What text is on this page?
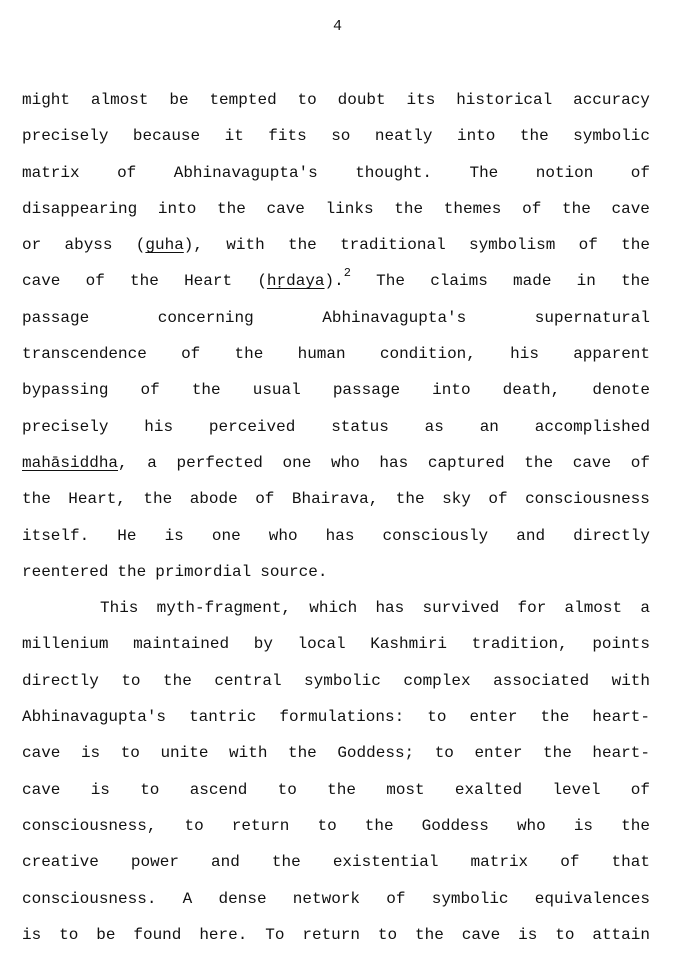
4
might almost be tempted to doubt its historical accuracy
precisely because it fits so neatly into the symbolic
matrix of Abhinavagupta's thought. The notion of
disappearing into the cave links the themes of the cave
or abyss (guha), with the traditional symbolism of the
cave of the Heart (hṛdaya).$^2$ The claims made in the
passage	concerning	Abhinavagupta's	supernatural
transcendence of the human condition, his apparent
bypassing of the usual passage into death, denote
precisely his perceived status as an accomplished
mahāsiddha, a perfected one who has captured the cave of
the Heart, the abode of Bhairava, the sky of consciousness
itself. He is one who has consciously and directly
reentered the primordial source.
This myth-fragment, which has survived for almost a
millenium maintained by local Kashmiri tradition, points
directly to the central symbolic complex associated with
Abhinavagupta's tantric formulations: to enter the heart-
cave is to unite with the Goddess; to enter the heart-
cave is to ascend to the most exalted level of
consciousness, to return to the Goddess who is the
creative power and the existential matrix of that
consciousness. A dense network of symbolic equivalences
is to be found here. To return to the cave is to attain
